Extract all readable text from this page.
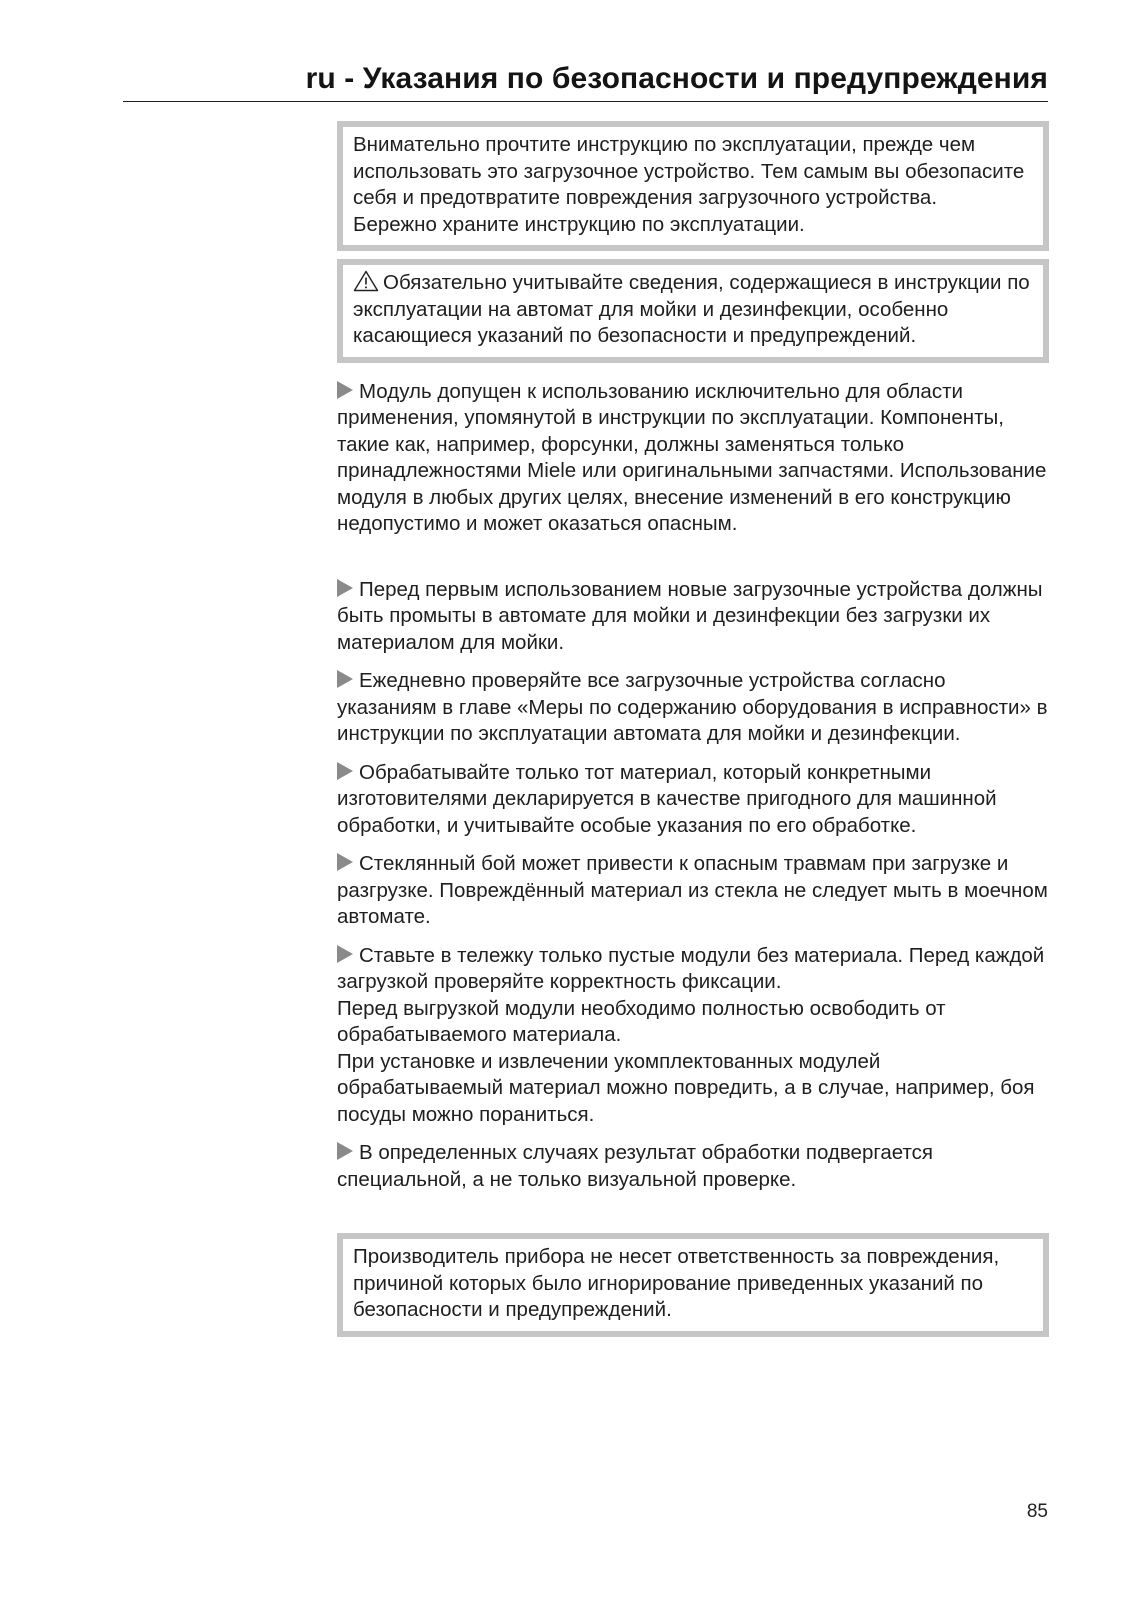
ru - Указания по безопасности и предупреждения

Внимательно прочтите инструкцию по эксплуатации, прежде чем использовать это загрузочное устройство. Тем самым вы обезопасите себя и предотвратите повреждения загрузочного устройства.

Бережно храните инструкцию по эксплуатации.

Обязательно учитывайте сведения, содержащиеся в инструкции по эксплуатации на автомат для мойки и дезинфекции, особенно касающиеся указаний по безопасности и предупреждений.

Модуль допущен к использованию исключительно для области применения, упомянутой в инструкции по эксплуатации. Компоненты, такие как, например, форсунки, должны заменяться только принадлежностями Miele или оригинальными запчастями. Использование модуля в любых других целях, внесение изменений в его конструкцию недопустимо и может оказаться опасным.

Перед первым использованием новые загрузочные устройства должны быть промыты в автомате для мойки и дезинфекции без загрузки их материалом для мойки.

Ежедневно проверяйте все загрузочные устройства согласно указаниям в главе «Меры по содержанию оборудования в исправности» в инструкции по эксплуатации автомата для мойки и дезинфекции.

Обрабатывайте только тот материал, который конкретными изготовителями декларируется в качестве пригодного для машинной обработки, и учитывайте особые указания по его обработке.

Стеклянный бой может привести к опасным травмам при загрузке и разгрузке. Повреждённый материал из стекла не следует мыть в моечном автомате.

Ставьте в тележку только пустые модули без материала. Перед каждой загрузкой проверяйте корректность фиксации.

Перед выгрузкой модули необходимо полностью освободить от обрабатываемого материала.

При установке и извлечении укомплектованных модулей обрабатываемый материал можно повредить, а в случае, например, боя посуды можно пораниться.

В определенных случаях результат обработки подвергается специальной, а не только визуальной проверке.

Производитель прибора не несет ответственность за повреждения, причиной которых было игнорирование приведенных указаний по безопасности и предупреждений.

85
